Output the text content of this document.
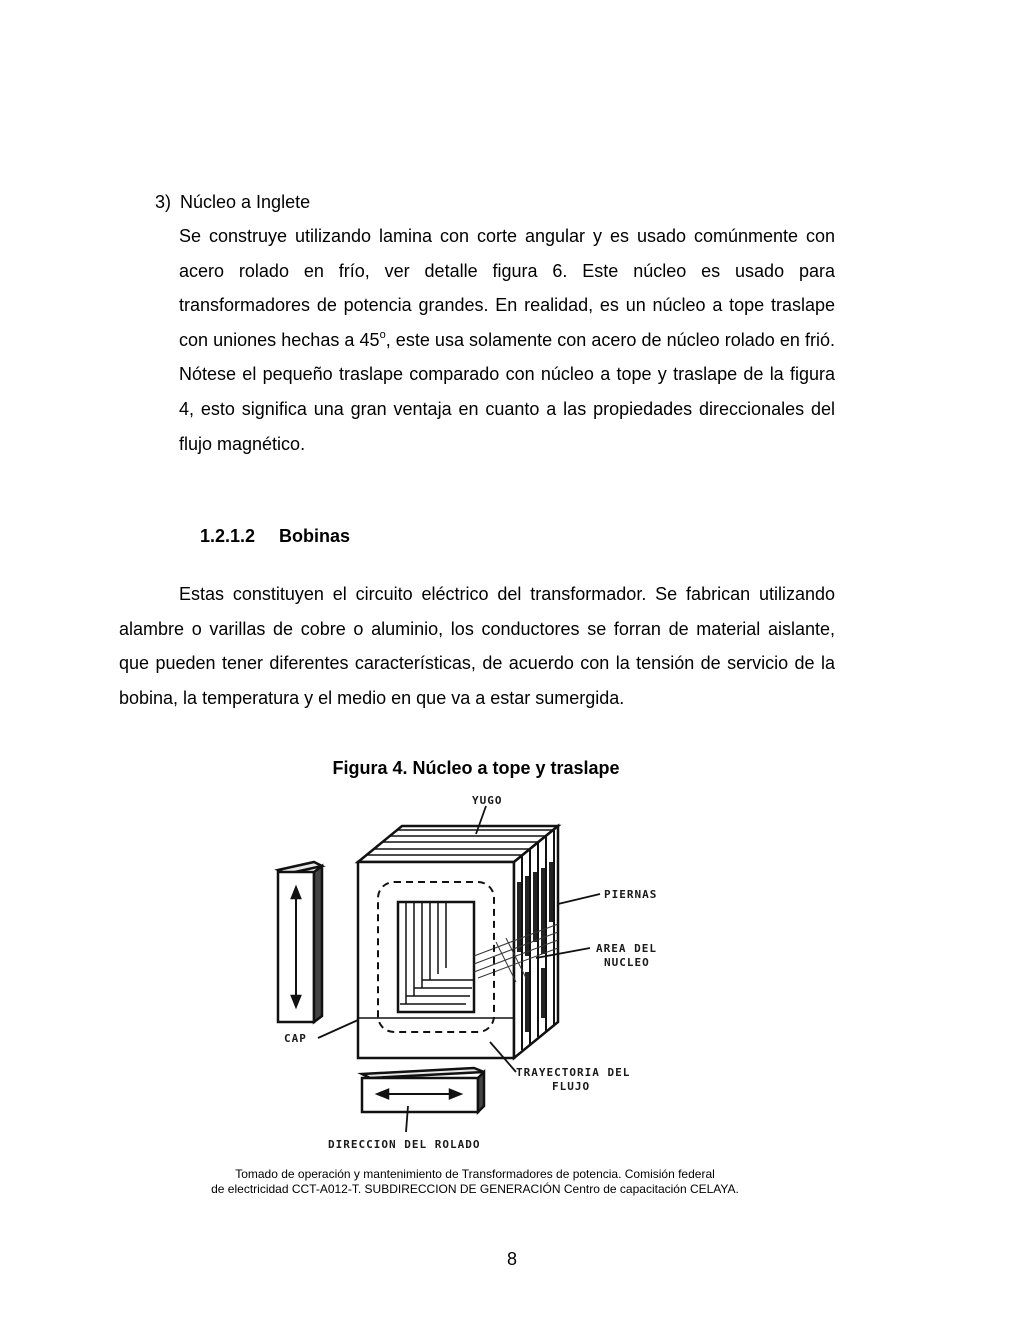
3) Núcleo a Inglete

Se construye utilizando lamina con corte angular y es usado comúnmente con acero rolado en frío, ver detalle figura 6. Este núcleo es usado para transformadores de potencia grandes. En realidad, es un núcleo a tope traslape con uniones hechas a 45$^o$, este usa solamente con acero de núcleo rolado en frió. Nótese el pequeño traslape comparado con núcleo a tope y traslape de la figura 4, esto significa una gran ventaja en cuanto a las propiedades direccionales del flujo magnético.

1.2.1.2 Bobinas

Estas constituyen el circuito eléctrico del transformador. Se fabrican utilizando alambre o varillas de cobre o aluminio, los conductores se forran de material aislante, que pueden tener diferentes características, de acuerdo con la tensión de servicio de la bobina, la temperatura y el medio en que va a estar sumergida.

Figura 4. Núcleo a tope y traslape
YUGO
PIERNAS
AREA DEL
NUCLEO
CAP
TRAYECTORIA DEL
FLUJO
DIRECCION DEL ROLADO
Tomado de operación y mantenimiento de Transformadores de potencia. Comisión federal
de electricidad CCT-A012-T. SUBDIRECCION DE GENERACIÓN Centro de capacitación CELAYA.
8
